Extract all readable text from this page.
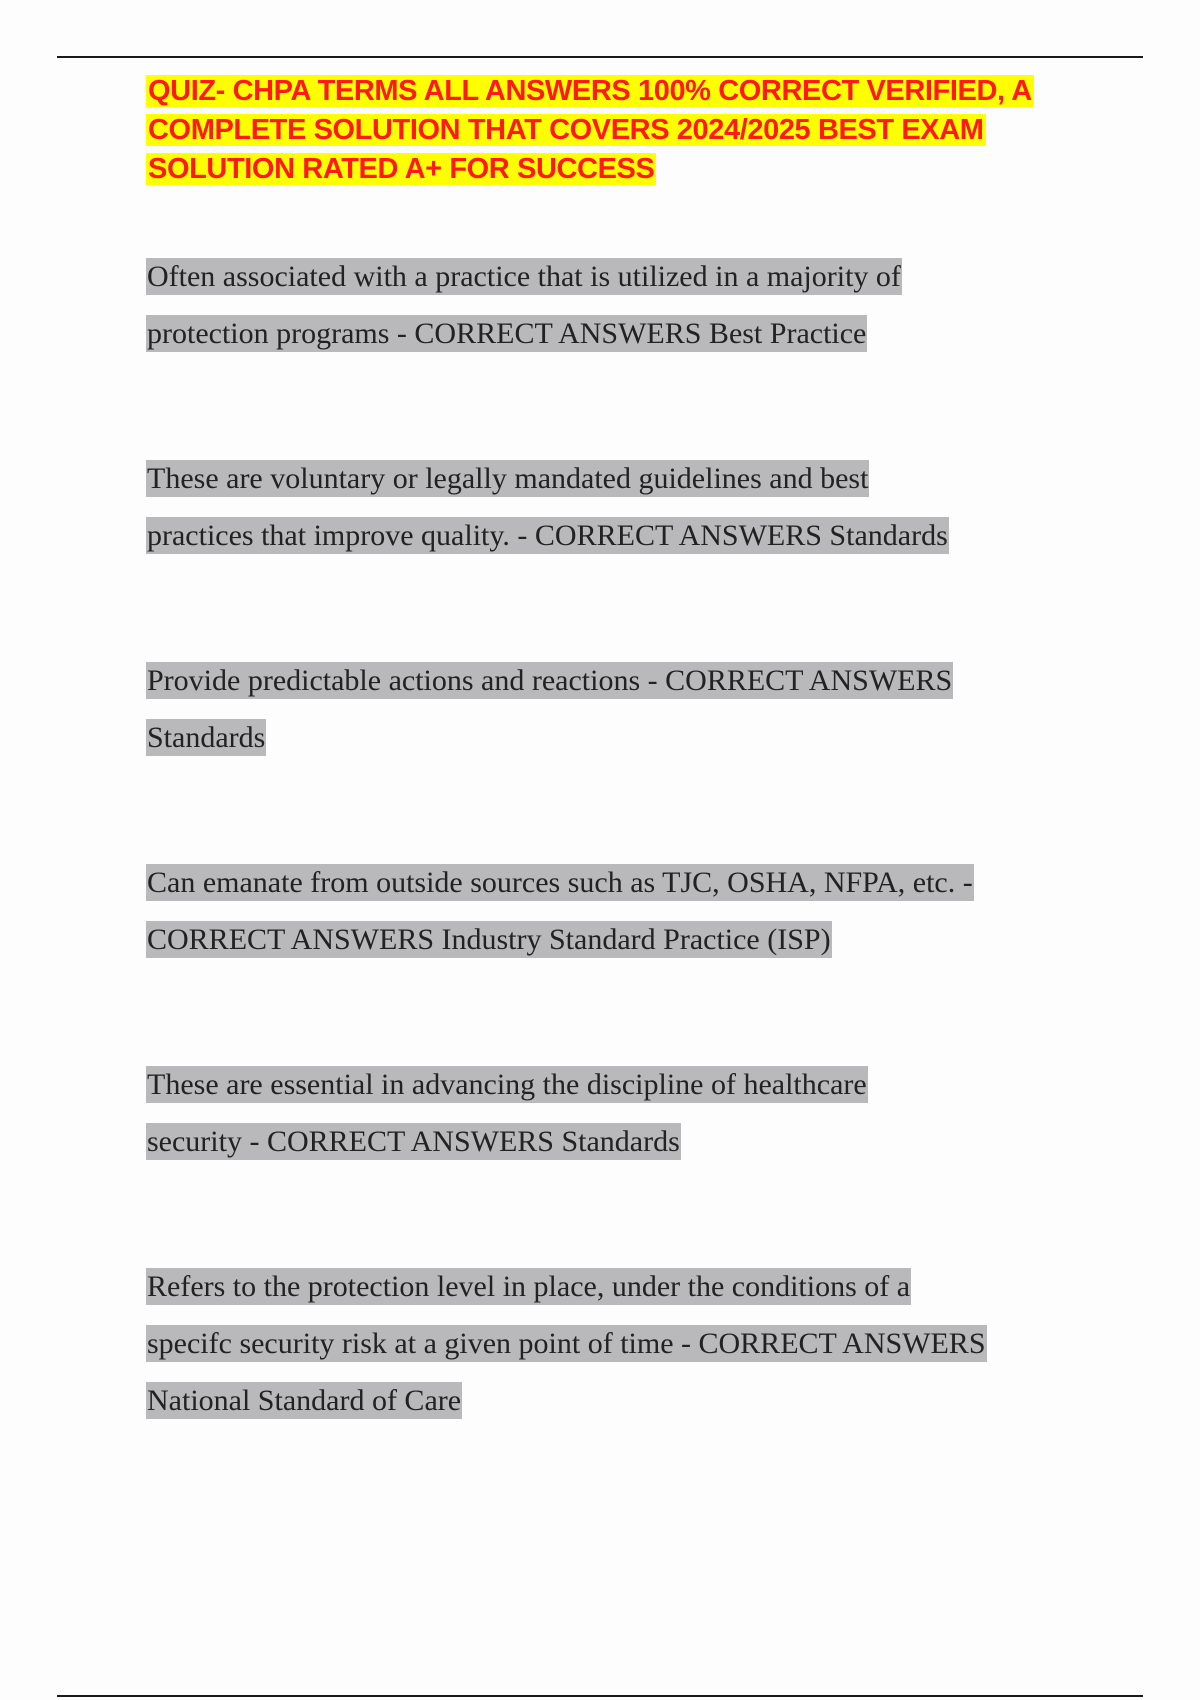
QUIZ- CHPA TERMS ALL ANSWERS 100% CORRECT VERIFIED, A
COMPLETE SOLUTION THAT COVERS 2024/2025 BEST EXAM
SOLUTION RATED A+ FOR SUCCESS
Often associated with a practice that is utilized in a majority of
protection programs - CORRECT ANSWERS Best Practice
These are voluntary or legally mandated guidelines and best
practices that improve quality. - CORRECT ANSWERS Standards
Provide predictable actions and reactions - CORRECT ANSWERS
Standards
Can emanate from outside sources such as TJC, OSHA, NFPA, etc. -
CORRECT ANSWERS Industry Standard Practice (ISP)
These are essential in advancing the discipline of healthcare
security - CORRECT ANSWERS Standards
Refers to the protection level in place, under the conditions of a
specifc security risk at a given point of time - CORRECT ANSWERS
National Standard of Care
